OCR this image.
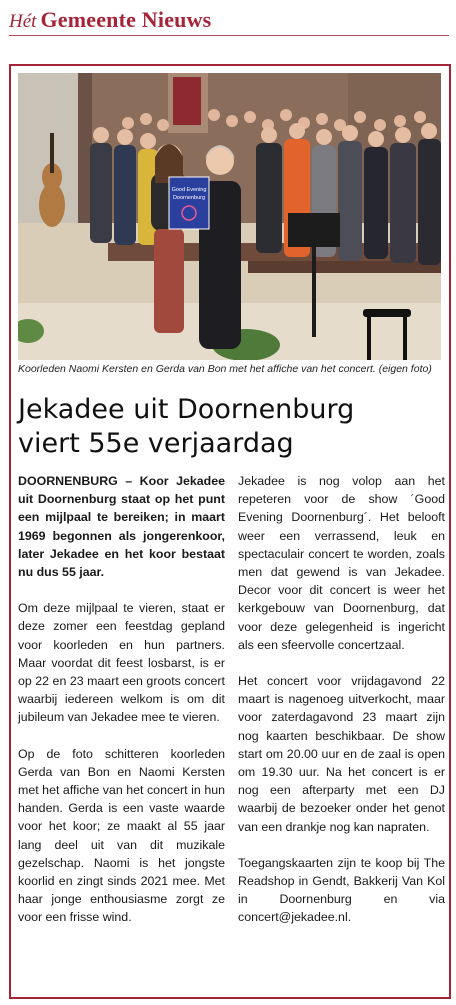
Hét Gemeente Nieuws
Good Evening
Doornenburg
Koorleden Naomi Kersten en Gerda van Bon met het affiche van het concert. (eigen foto)
Jekadee uit Doornenburg
viert 55e verjaardag

DOORNENBURG – Koor Jekadee uit Doornenburg staat op het punt een mijlpaal te bereiken; in maart 1969 begonnen als jongerenkoor, later Jekadee en het koor bestaat nu dus 55 jaar.

Om deze mijlpaal te vieren, staat er deze zomer een feestdag gepland voor koorleden en hun partners. Maar voordat dit feest losbarst, is er op 22 en 23 maart een groots concert waarbij iedereen welkom is om dit jubileum van Jekadee mee te vieren.

Op de foto schitteren koorleden Gerda van Bon en Naomi Kersten met het affiche van het concert in hun handen. Gerda is een vaste waarde voor het koor; ze maakt al 55 jaar lang deel uit van dit muzikale gezelschap. Naomi is het jongste koorlid en zingt sinds 2021 mee. Met haar jonge enthousiasme zorgt ze voor een frisse wind.

Jekadee is nog volop aan het repeteren voor de show ´Good Evening Doornenburg´. Het belooft weer een verrassend, leuk en spectaculair concert te worden, zoals men dat gewend is van Jekadee. Decor voor dit concert is weer het kerkgebouw van Doornenburg, dat voor deze gelegenheid is ingericht als een sfeervolle concertzaal.

Het concert voor vrijdagavond 22 maart is nagenoeg uitverkocht, maar voor zaterdagavond 23 maart zijn nog kaarten beschikbaar. De show start om 20.00 uur en de zaal is open om 19.30 uur. Na het concert is er nog een afterparty met een DJ waarbij de bezoeker onder het genot van een drankje nog kan napraten.

Toegangskaarten zijn te koop bij The Readshop in Gendt, Bakkerij Van Kol in Doornenburg en via concert@jekadee.nl.
